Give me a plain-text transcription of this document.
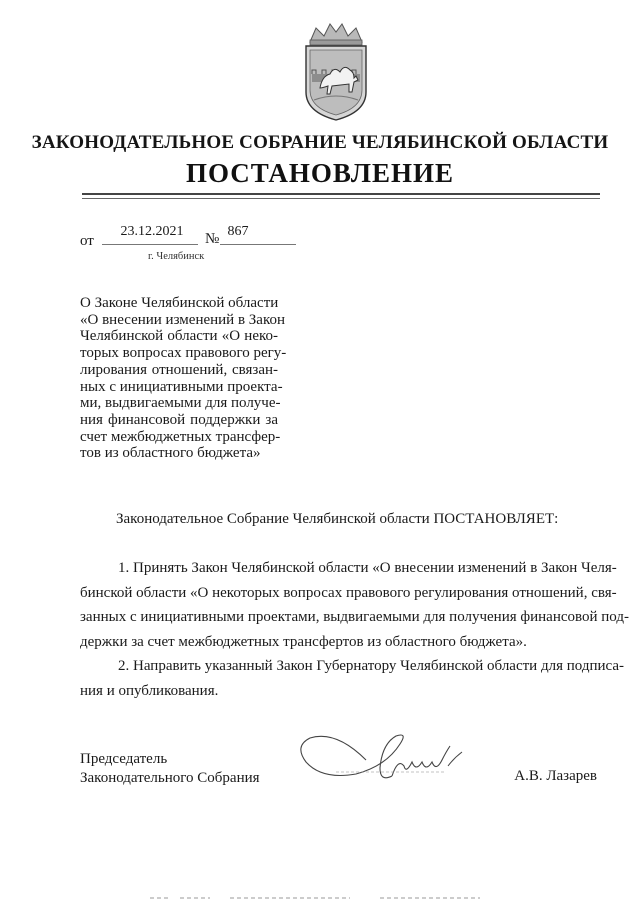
ЗАКОНОДАТЕЛЬНОЕ СОБРАНИЕ ЧЕЛЯБИНСКОЙ ОБЛАСТИ
ПОСТАНОВЛЕНИЕ
от
23.12.2021	№ 867
г. Челябинск
О Законе Челябинской области
«О внесении изменений в Закон
Челябинской области «О неко-
торых вопросах правового регу-
лирования отношений, связан-
ных с инициативными проекта-
ми, выдвигаемыми для получе-
ния финансовой поддержки за
счет межбюджетных трансфер-
тов из областного бюджета»
Законодательное Собрание Челябинской области ПОСТАНОВЛЯЕТ:
1. Принять Закон Челябинской области «О внесении изменений в Закон Челя-
бинской области «О некоторых вопросах правового регулирования отношений, свя-
занных с инициативными проектами, выдвигаемыми для получения финансовой под-
держки за счет межбюджетных трансфертов из областного бюджета».
2. Направить указанный Закон Губернатору Челябинской области для подписа-
ния и опубликования.
Председатель
Законодательного Собрания	А.В. Лазарев
